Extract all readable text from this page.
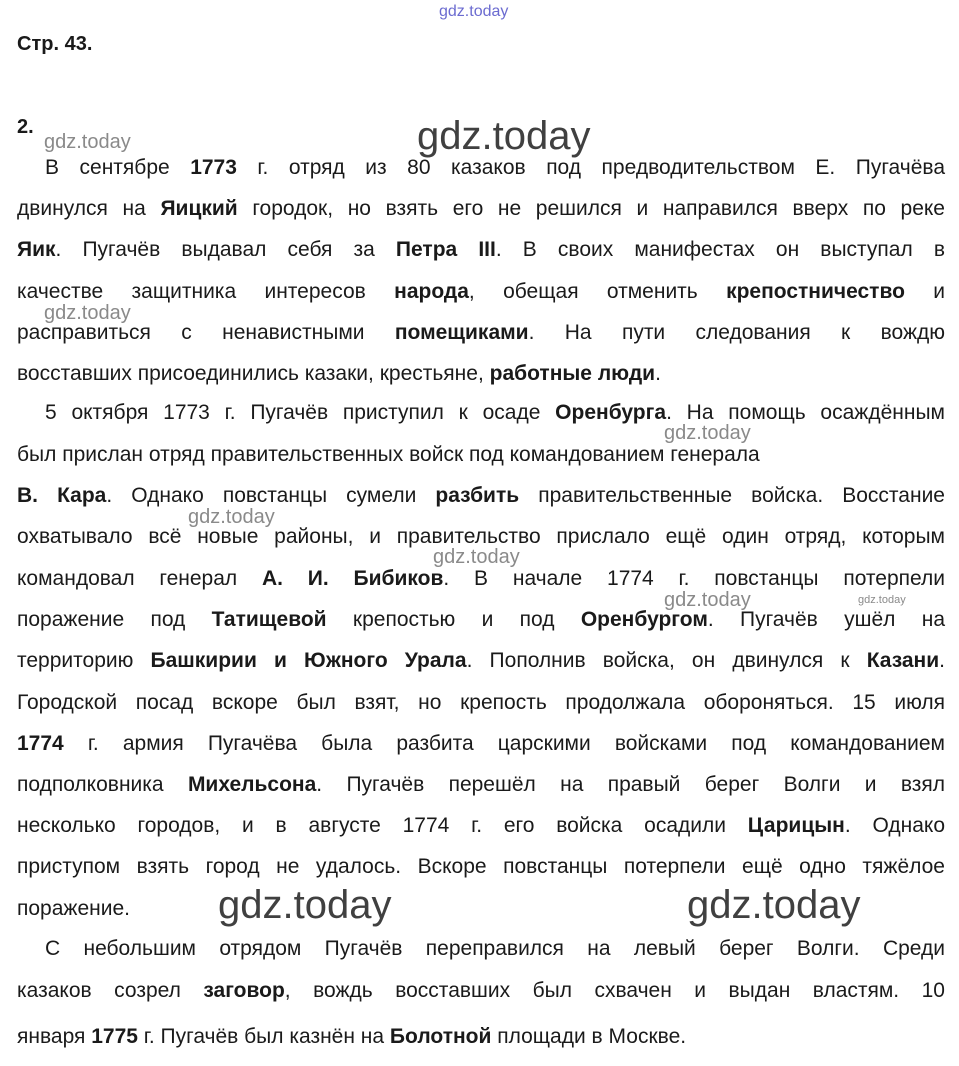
Стр. 43.
2.
В сентябре 1773 г. отряд из 80 казаков под предводительством Е. Пугачёва
двинулся на Яицкий городок, но взять его не решился и направился вверх по реке
Яик. Пугачёв выдавал себя за Петра III. В своих манифестах он выступал в
качестве защитника интересов народа, обещая отменить крепостничество и
расправиться с ненавистными помещиками. На пути следования к вождю
восставших присоединились казаки, крестьяне, работные люди.
5 октября 1773 г. Пугачёв приступил к осаде Оренбурга. На помощь осаждённым
был прислан отряд правительственных войск под командованием генерала
В. Кара. Однако повстанцы сумели разбить правительственные войска. Восстание
охватывало всё новые районы, и правительство прислало ещё один отряд, которым
командовал генерал А. И. Бибиков. В начале 1774 г. повстанцы потерпели
поражение под Татищевой крепостью и под Оренбургом. Пугачёв ушёл на
территорию Башкирии и Южного Урала. Пополнив войска, он двинулся к Казани.
Городской посад вскоре был взят, но крепость продолжала обороняться. 15 июля
1774 г. армия Пугачёва была разбита царскими войсками под командованием
подполковника Михельсона. Пугачёв перешёл на правый берег Волги и взял
несколько городов, и в августе 1774 г. его войска осадили Царицын. Однако
приступом взять город не удалось. Вскоре повстанцы потерпели ещё одно тяжёлое
поражение.
С небольшим отрядом Пугачёв переправился на левый берег Волги. Среди
казаков созрел заговор, вождь восставших был схвачен и выдан властям. 10
января 1775 г. Пугачёв был казнён на Болотной площади в Москве.
gdz.today
gdz.today
gdz.today
gdz.today
gdz.today
gdz.today
gdz.today
gdz.today	gdz.today
gdz.today	gdz.today
